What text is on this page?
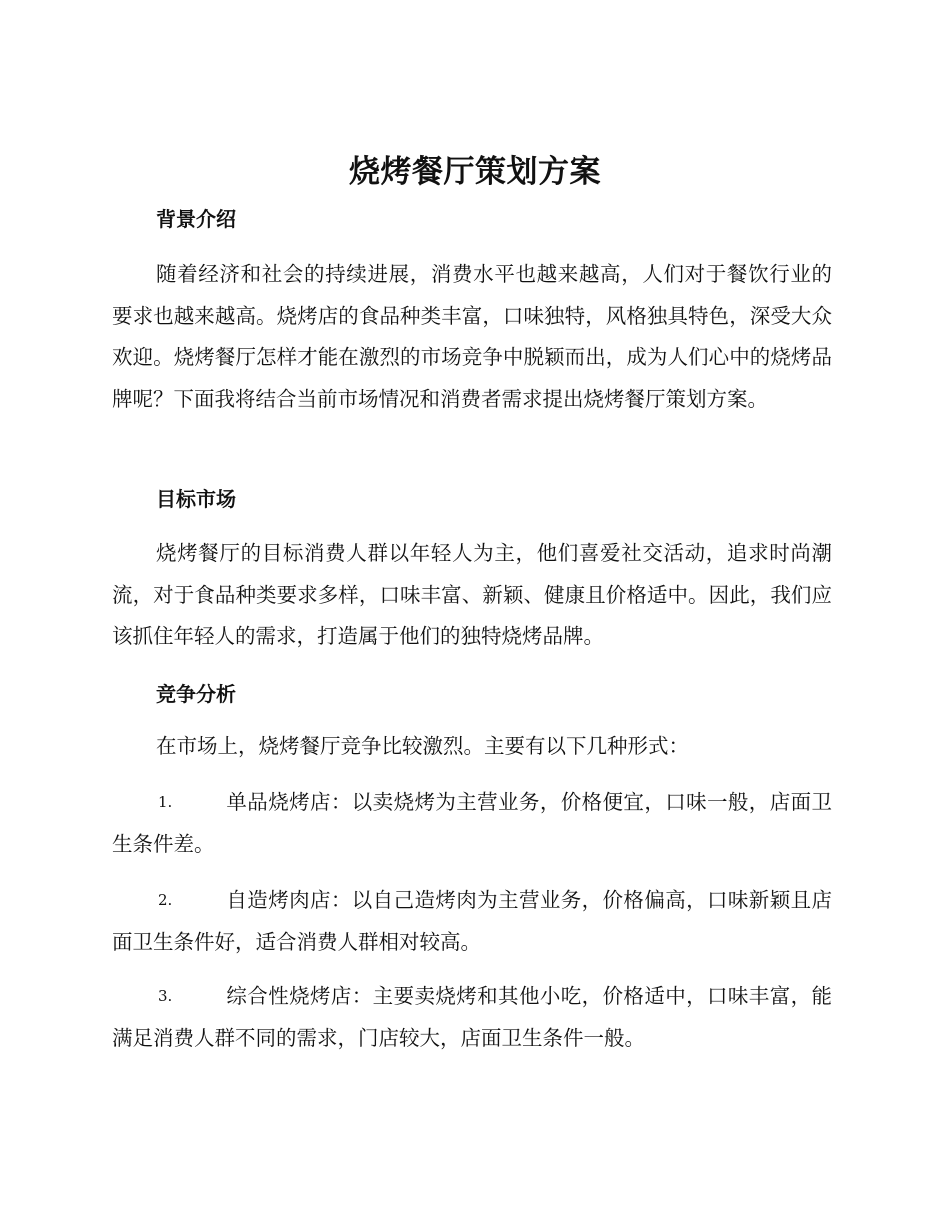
烧烤餐厅策划方案
背景介绍

随着经济和社会的持续进展，消费水平也越来越高，人们对于餐饮行业的要求也越来越高。烧烤店的食品种类丰富，口味独特，风格独具特色，深受大众欢迎。烧烤餐厅怎样才能在激烈的市场竞争中脱颖而出，成为人们心中的烧烤品牌呢？下面我将结合当前市场情况和消费者需求提出烧烤餐厅策划方案。

目标市场

烧烤餐厅的目标消费人群以年轻人为主，他们喜爱社交活动，追求时尚潮流，对于食品种类要求多样，口味丰富、新颖、健康且价格适中。因此，我们应该抓住年轻人的需求，打造属于他们的独特烧烤品牌。

竞争分析

在市场上，烧烤餐厅竞争比较激烈。主要有以下几种形式：

1.	单品烧烤店：以卖烧烤为主营业务，价格便宜，口味一般，店面卫生条件差。
2.	自造烤肉店：以自己造烤肉为主营业务，价格偏高，口味新颖且店面卫生条件好，适合消费人群相对较高。
3.	综合性烧烤店：主要卖烧烤和其他小吃，价格适中，口味丰富，能满足消费人群不同的需求，门店较大，店面卫生条件一般。
